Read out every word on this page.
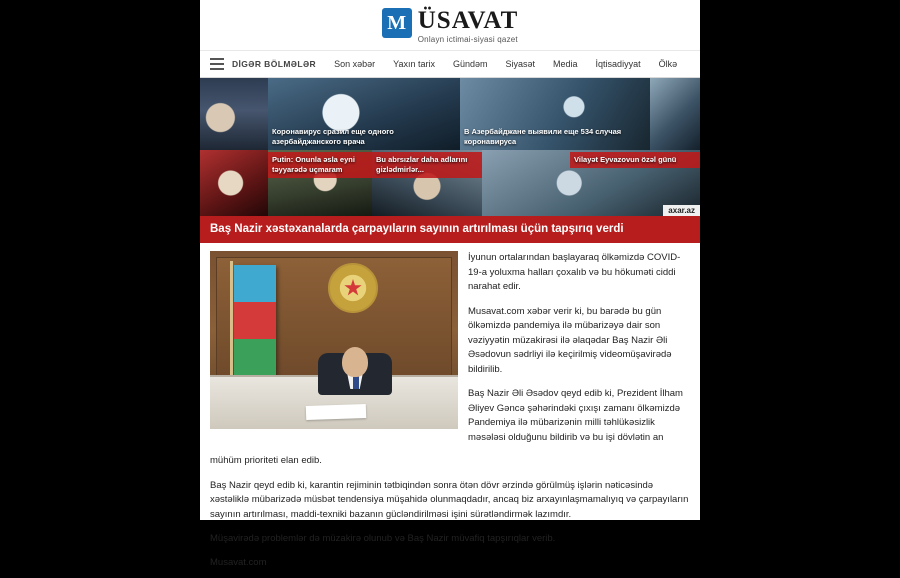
M ÜSAVAT
Onlayn ictimai-siyasi qazet
DİGƏR BÖLMƏLƏR Son xəbər Yaxın tarix Gündəm Siyasət Media İqtisadiyyat Ölkə
Коронавирус сразил еще одного азербайджанского врача
В Азербайджане выявили еще 534 случая коронавируса
Putin: Onunla əsla eyni təyyarədə uçmaram
Bu abrsızlar daha adlarını gizlədmirlər...
Vilayət Eyvazovun özəl günü
axar.az
Baş Nazir xəstəxanalarda çarpayıların sayının artırılması üçün tapşırıq verdi

İyunun ortalarından başlayaraq ölkəmizdə COVID-19-a yoluxma halları çoxalıb və bu hökuməti ciddi narahat edir.

Musavat.com xəbər verir ki, bu barədə bu gün ölkəmizdə pandemiya ilə mübarizəyə dair son vəziyyətin müzakirəsi ilə əlaqədar Baş Nazir Əli Əsədovun sədrliyi ilə keçirilmiş videomüşavirədə bildirilib.

Baş Nazir Əli Əsədov qeyd edib ki, Prezident İlham Əliyev Gəncə şəhərindəki çıxışı zamanı ölkəmizdə Pandemiya ilə mübarizənin milli təhlükəsizlik məsələsi olduğunu bildirib və bu işi dövlətin an

mühüm prioriteti elan edib.

Baş Nazir qeyd edib ki, karantin rejiminin tətbiqindən sonra ötən dövr ərzində görülmüş işlərin nəticəsində xəstəliklə mübarizədə müsbət tendensiya müşahidə olunmaqdadır, ancaq biz arxayınlaşmamalıyıq və çarpayıların sayının artırılması, maddi-texniki bazanın gücləndirilməsi işini sürətləndirmək lazımdır.

Müşavirədə problemlər də müzakirə olunub və Baş Nazir müvafiq tapşırıqlar verib.

Musavat.com
